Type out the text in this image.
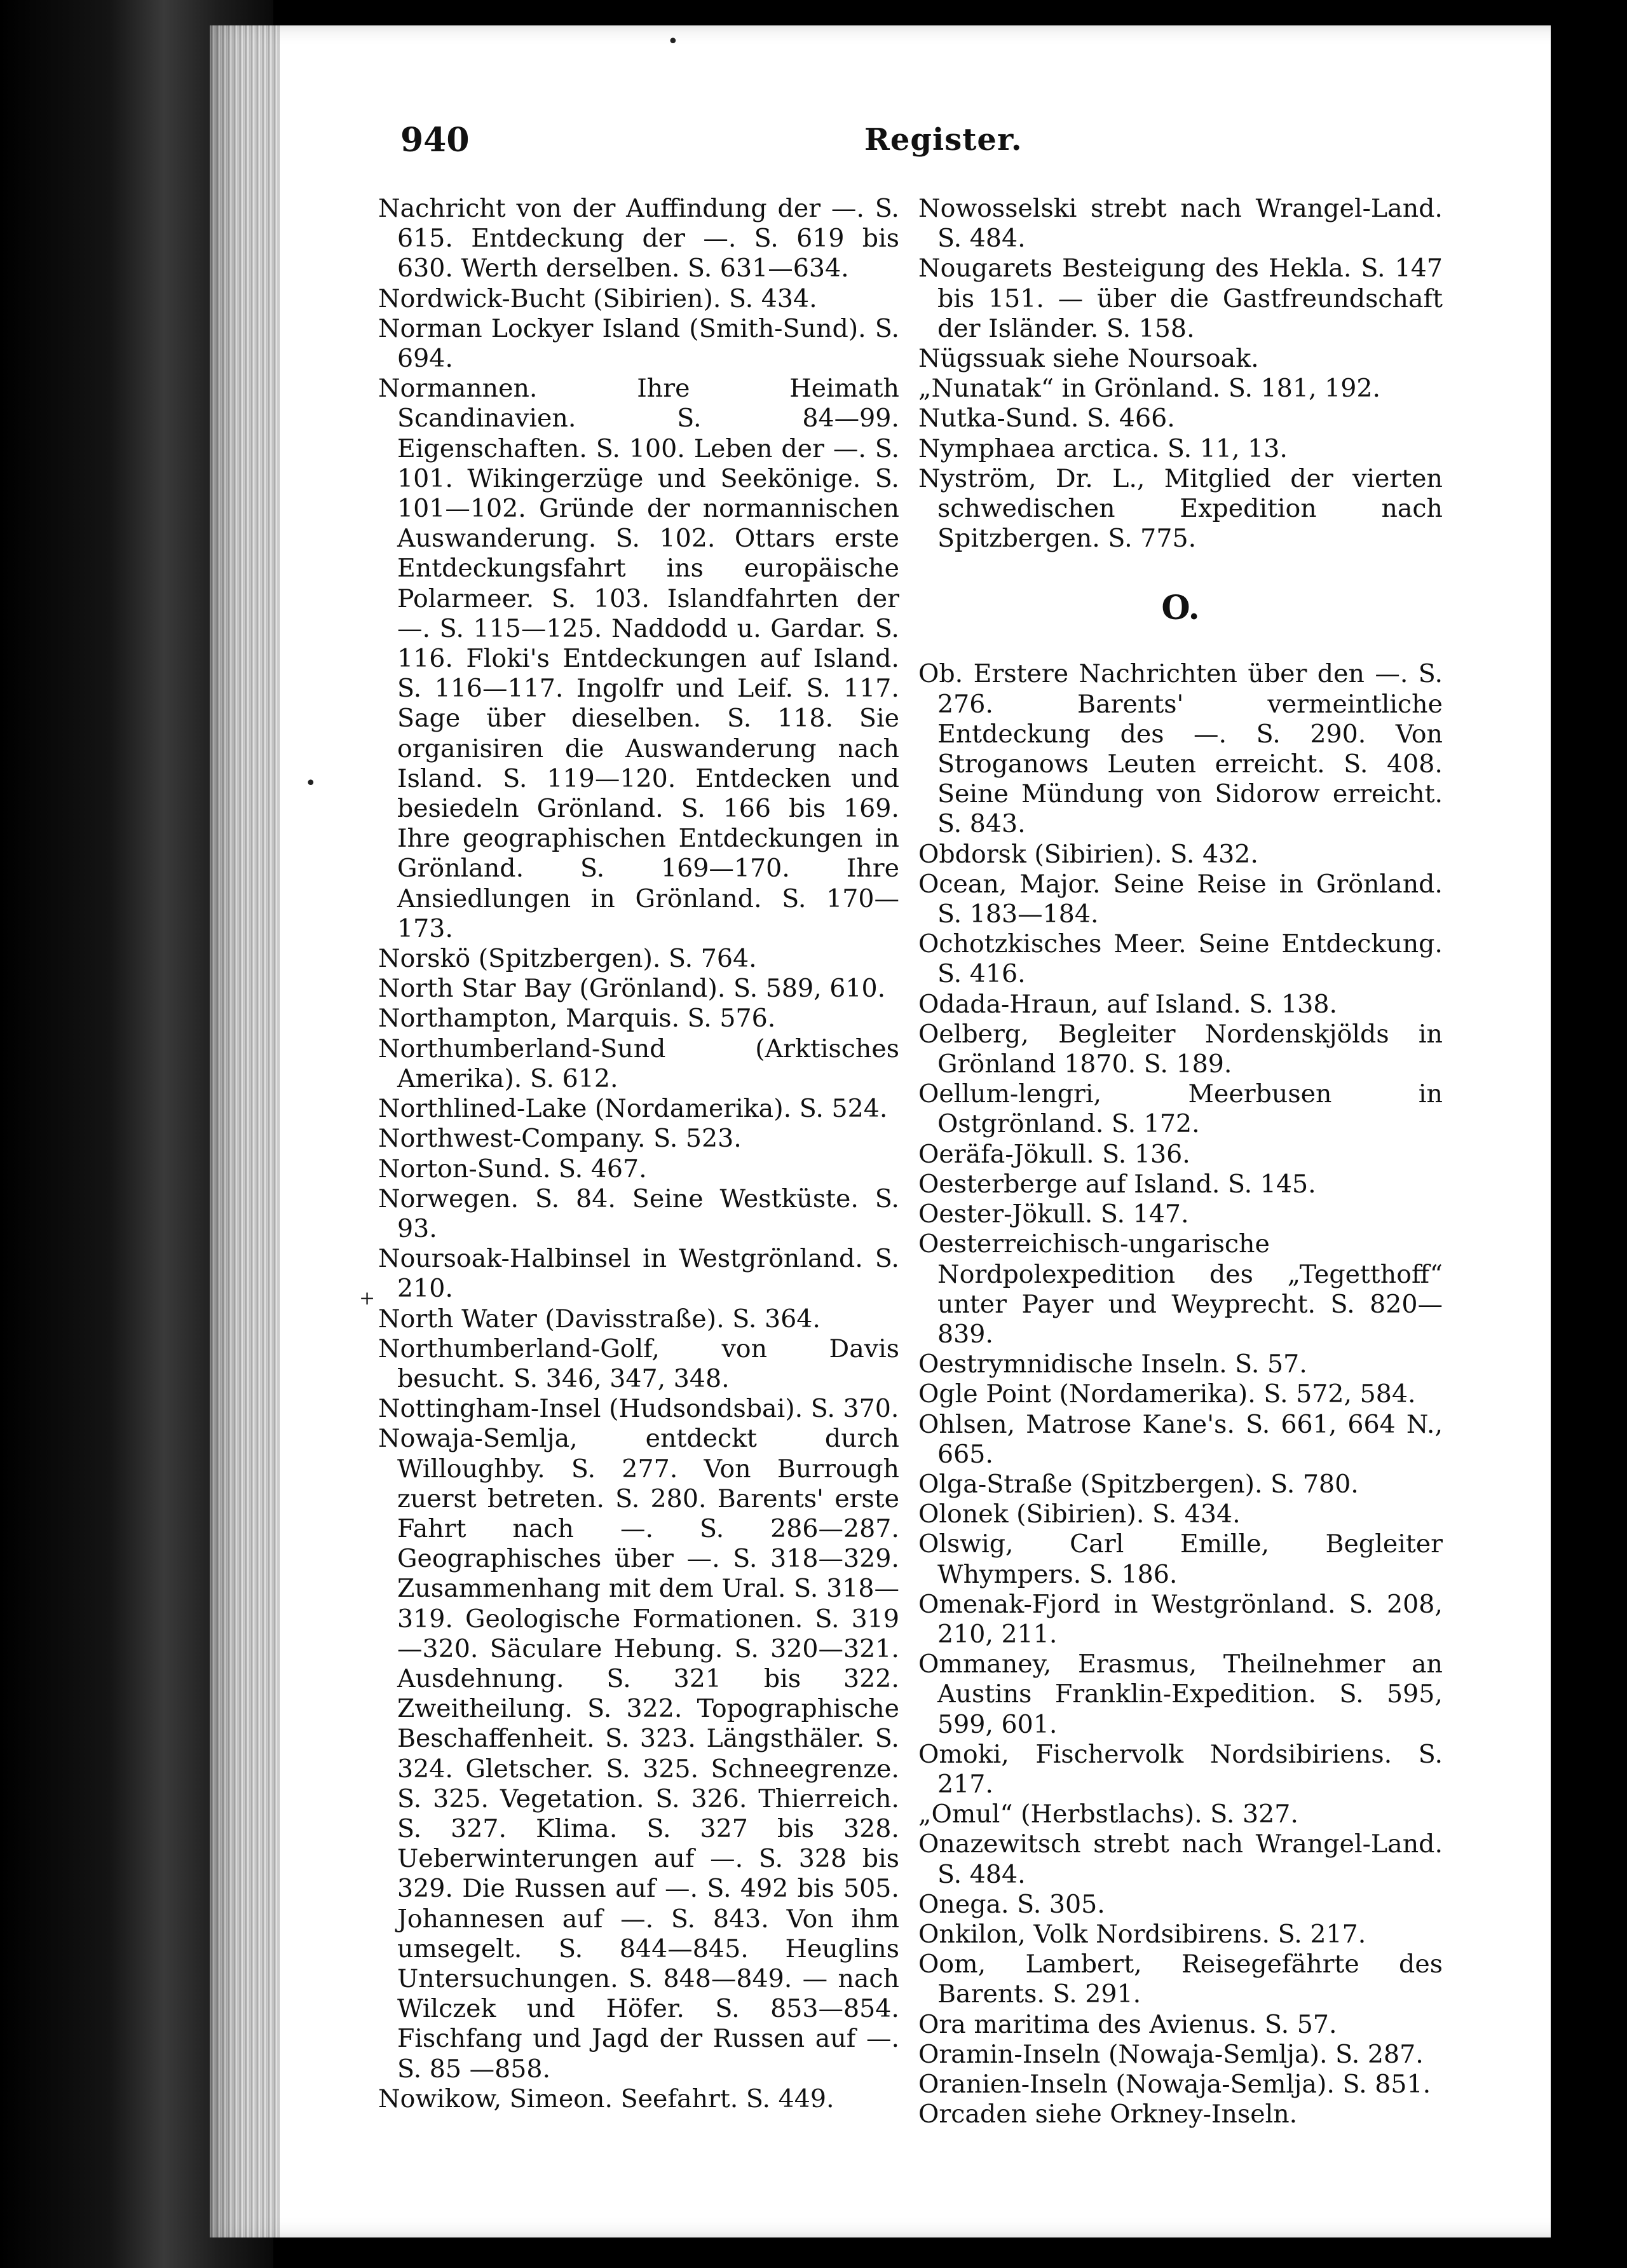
940	Register.

Nachricht von der Auffindung der —. S. 615. Entdeckung der —. S. 619 bis 630. Werth derselben. S. 631—634.

Nordwick-Bucht (Sibirien). S. 434.

Norman Lockyer Island (Smith-Sund). S. 694.

Normannen. Ihre Heimath Scandinavien. S. 84—99. Eigenschaften. S. 100. Leben der —. S. 101. Wikingerzüge und Seekönige. S. 101—102. Gründe der normannischen Auswanderung. S. 102. Ottars erste Entdeckungsfahrt ins europäische Polarmeer. S. 103. Islandfahrten der —. S. 115—125. Naddodd u. Gardar. S. 116. Floki's Entdeckungen auf Island. S. 116—117. Ingolfr und Leif. S. 117. Sage über dieselben. S. 118. Sie organisiren die Auswanderung nach Island. S. 119—120. Entdecken und besiedeln Grönland. S. 166 bis 169. Ihre geographischen Entdeckungen in Grönland. S. 169—170. Ihre Ansiedlungen in Grönland. S. 170—173.

Norskö (Spitzbergen). S. 764.

North Star Bay (Grönland). S. 589, 610.

Northampton, Marquis. S. 576.

Northumberland-Sund (Arktisches Amerika). S. 612.

Northlined-Lake (Nordamerika). S. 524.

Northwest-Company. S. 523.

Norton-Sund. S. 467.

Norwegen. S. 84. Seine Westküste. S. 93.

Noursoak-Halbinsel in Westgrönland. S. 210.

North Water (Davisstraße). S. 364.

Northumberland-Golf, von Davis besucht. S. 346, 347, 348.

Nottingham-Insel (Hudsondsbai). S. 370.

Nowaja-Semlja, entdeckt durch Willoughby. S. 277. Von Burrough zuerst betreten. S. 280. Barents' erste Fahrt nach —. S. 286—287. Geographisches über —. S. 318—329. Zusammenhang mit dem Ural. S. 318—319. Geologische Formationen. S. 319—320. Säculare Hebung. S. 320—321. Ausdehnung. S. 321 bis 322. Zweitheilung. S. 322. Topographische Beschaffenheit. S. 323. Längsthäler. S. 324. Gletscher. S. 325. Schneegrenze. S. 325. Vegetation. S. 326. Thierreich. S. 327. Klima. S. 327 bis 328. Ueberwinterungen auf —. S. 328 bis 329. Die Russen auf —. S. 492 bis 505. Johannesen auf —. S. 843. Von ihm umsegelt. S. 844—845. Heuglins Untersuchungen. S. 848—849. — nach Wilczek und Höfer. S. 853—854. Fischfang und Jagd der Russen auf —. S. 85 —858.

Nowikow, Simeon. Seefahrt. S. 449.

Nowosselski strebt nach Wrangel-Land. S. 484.

Nougarets Besteigung des Hekla. S. 147 bis 151. — über die Gastfreundschaft der Isländer. S. 158.

Nügssuak siehe Noursoak.

„Nunatak“ in Grönland. S. 181, 192.

Nutka-Sund. S. 466.

Nymphaea arctica. S. 11, 13.

Nyström, Dr. L., Mitglied der vierten schwedischen Expedition nach Spitzbergen. S. 775.

O.

Ob. Erstere Nachrichten über den —. S. 276. Barents' vermeintliche Entdeckung des —. S. 290. Von Stroganows Leuten erreicht. S. 408. Seine Mündung von Sidorow erreicht. S. 843.

Obdorsk (Sibirien). S. 432.

Ocean, Major. Seine Reise in Grönland. S. 183—184.

Ochotzkisches Meer. Seine Entdeckung. S. 416.

Odada-Hraun, auf Island. S. 138.

Oelberg, Begleiter Nordenskjölds in Grönland 1870. S. 189.

Oellum-lengri, Meerbusen in Ostgrönland. S. 172.

Oeräfa-Jökull. S. 136.

Oesterberge auf Island. S. 145.

Oester-Jökull. S. 147.

Oesterreichisch-ungarische Nordpolexpedition des „Tegetthoff“ unter Payer und Weyprecht. S. 820—839.

Oestrymnidische Inseln. S. 57.

Ogle Point (Nordamerika). S. 572, 584.

Ohlsen, Matrose Kane's. S. 661, 664 N., 665.

Olga-Straße (Spitzbergen). S. 780.

Olonek (Sibirien). S. 434.

Olswig, Carl Emille, Begleiter Whympers. S. 186.

Omenak-Fjord in Westgrönland. S. 208, 210, 211.

Ommaney, Erasmus, Theilnehmer an Austins Franklin-Expedition. S. 595, 599, 601.

Omoki, Fischervolk Nordsibiriens. S. 217.

„Omul“ (Herbstlachs). S. 327.

Onazewitsch strebt nach Wrangel-Land. S. 484.

Onega. S. 305.

Onkilon, Volk Nordsibirens. S. 217.

Oom, Lambert, Reisegefährte des Barents. S. 291.

Ora maritima des Avienus. S. 57.

Oramin-Inseln (Nowaja-Semlja). S. 287.

Oranien-Inseln (Nowaja-Semlja). S. 851.

Orcaden siehe Orkney-Inseln.

•
•
+
